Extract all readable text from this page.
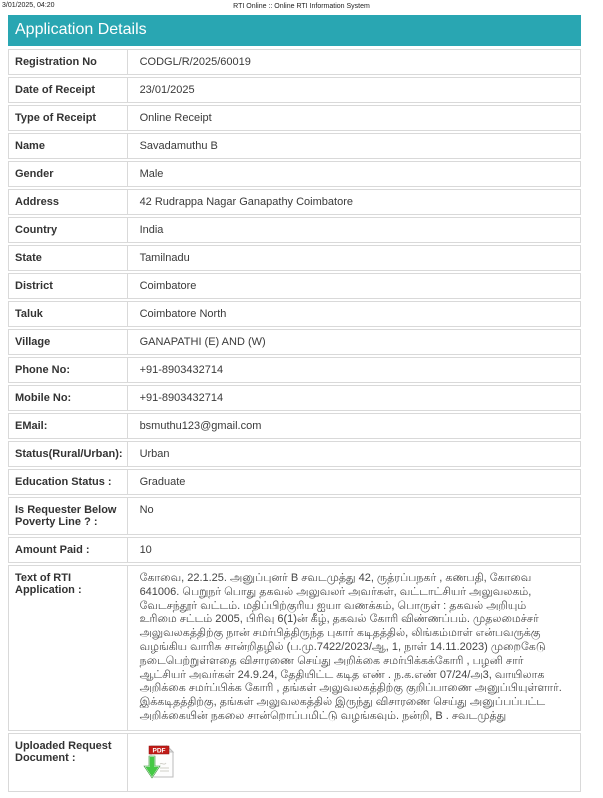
3/01/2025, 04:20	RTI Online :: Online RTI Information System
Application Details
Registration No	CODGL/R/2025/60019
Date of Receipt	23/01/2025
Type of Receipt	Online Receipt
Name	Savadamuthu B
Gender	Male
Address	42 Rudrappa Nagar Ganapathy Coimbatore
Country	India
State	Tamilnadu
District	Coimbatore
Taluk	Coimbatore North
Village	GANAPATHI (E) AND (W)
Phone No:	+91-8903432714
Mobile No:	+91-8903432714
EMail:	bsmuthu123@gmail.com
Status(Rural/Urban):	Urban
Education Status :	Graduate
Is Requester Below Poverty Line ? :	No
Amount Paid :	10
Text of RTI Application :	கோவை, 22.1.25. அனுப்புனர் B சவடமுத்து 42, ருத்ரப்பநகர் , கணபதி, கோவை 641006. பெறுநர் பொது தகவல் அலுவலர் அவர்கள், வட்டாட்சியர் அலுவலகம், வேடசந்தூர் வட்டம். மதிப்பிற்குரிய ஐயா வணக்கம், பொருள் : தகவல் அறியும் உரிமை சட்டம் 2005, பிரிவு 6(1)ன் கீழ், தகவல் கோரி விண்ணப்பம். முதலமைச்சர் அலுவலகத்திற்கு நான் சமர்பித்திருந்த புகார் கடிதத்தில், லிங்கம்மாள் என்பவருக்கு வழங்கிய வாரிசு சான்றிதழில் (ப.மு.7422/2023/ஆ, 1, நாள் 14.11.2023) முறைகேடு நடைபெற்றுள்ளதை விசாரணை செய்து அறிக்கை சமர்பிக்கக்கோரி , பழனி சார் ஆட்சியர் அவர்கள் 24.9.24, தேதியிட்ட கடித எண் . ந.க.எண் 07/24/அ3, வாயிலாக அறிக்கை சமர்ப்பிக்க கோரி , தங்கள் அலுவலகத்திற்கு குறிப்பாணை அனுப்பியுள்ளார். இக்கடிதத்திற்கு, தங்கள் அலுவலகத்தில் இருந்து விசாரணை செய்து அனுப்பப்பட்ட அறிக்கையின் நகலை சான்றொப்பமிட்டு வழங்கவும். நன்றி, B . சவடமுத்து
Uploaded Request Document :	PDF
